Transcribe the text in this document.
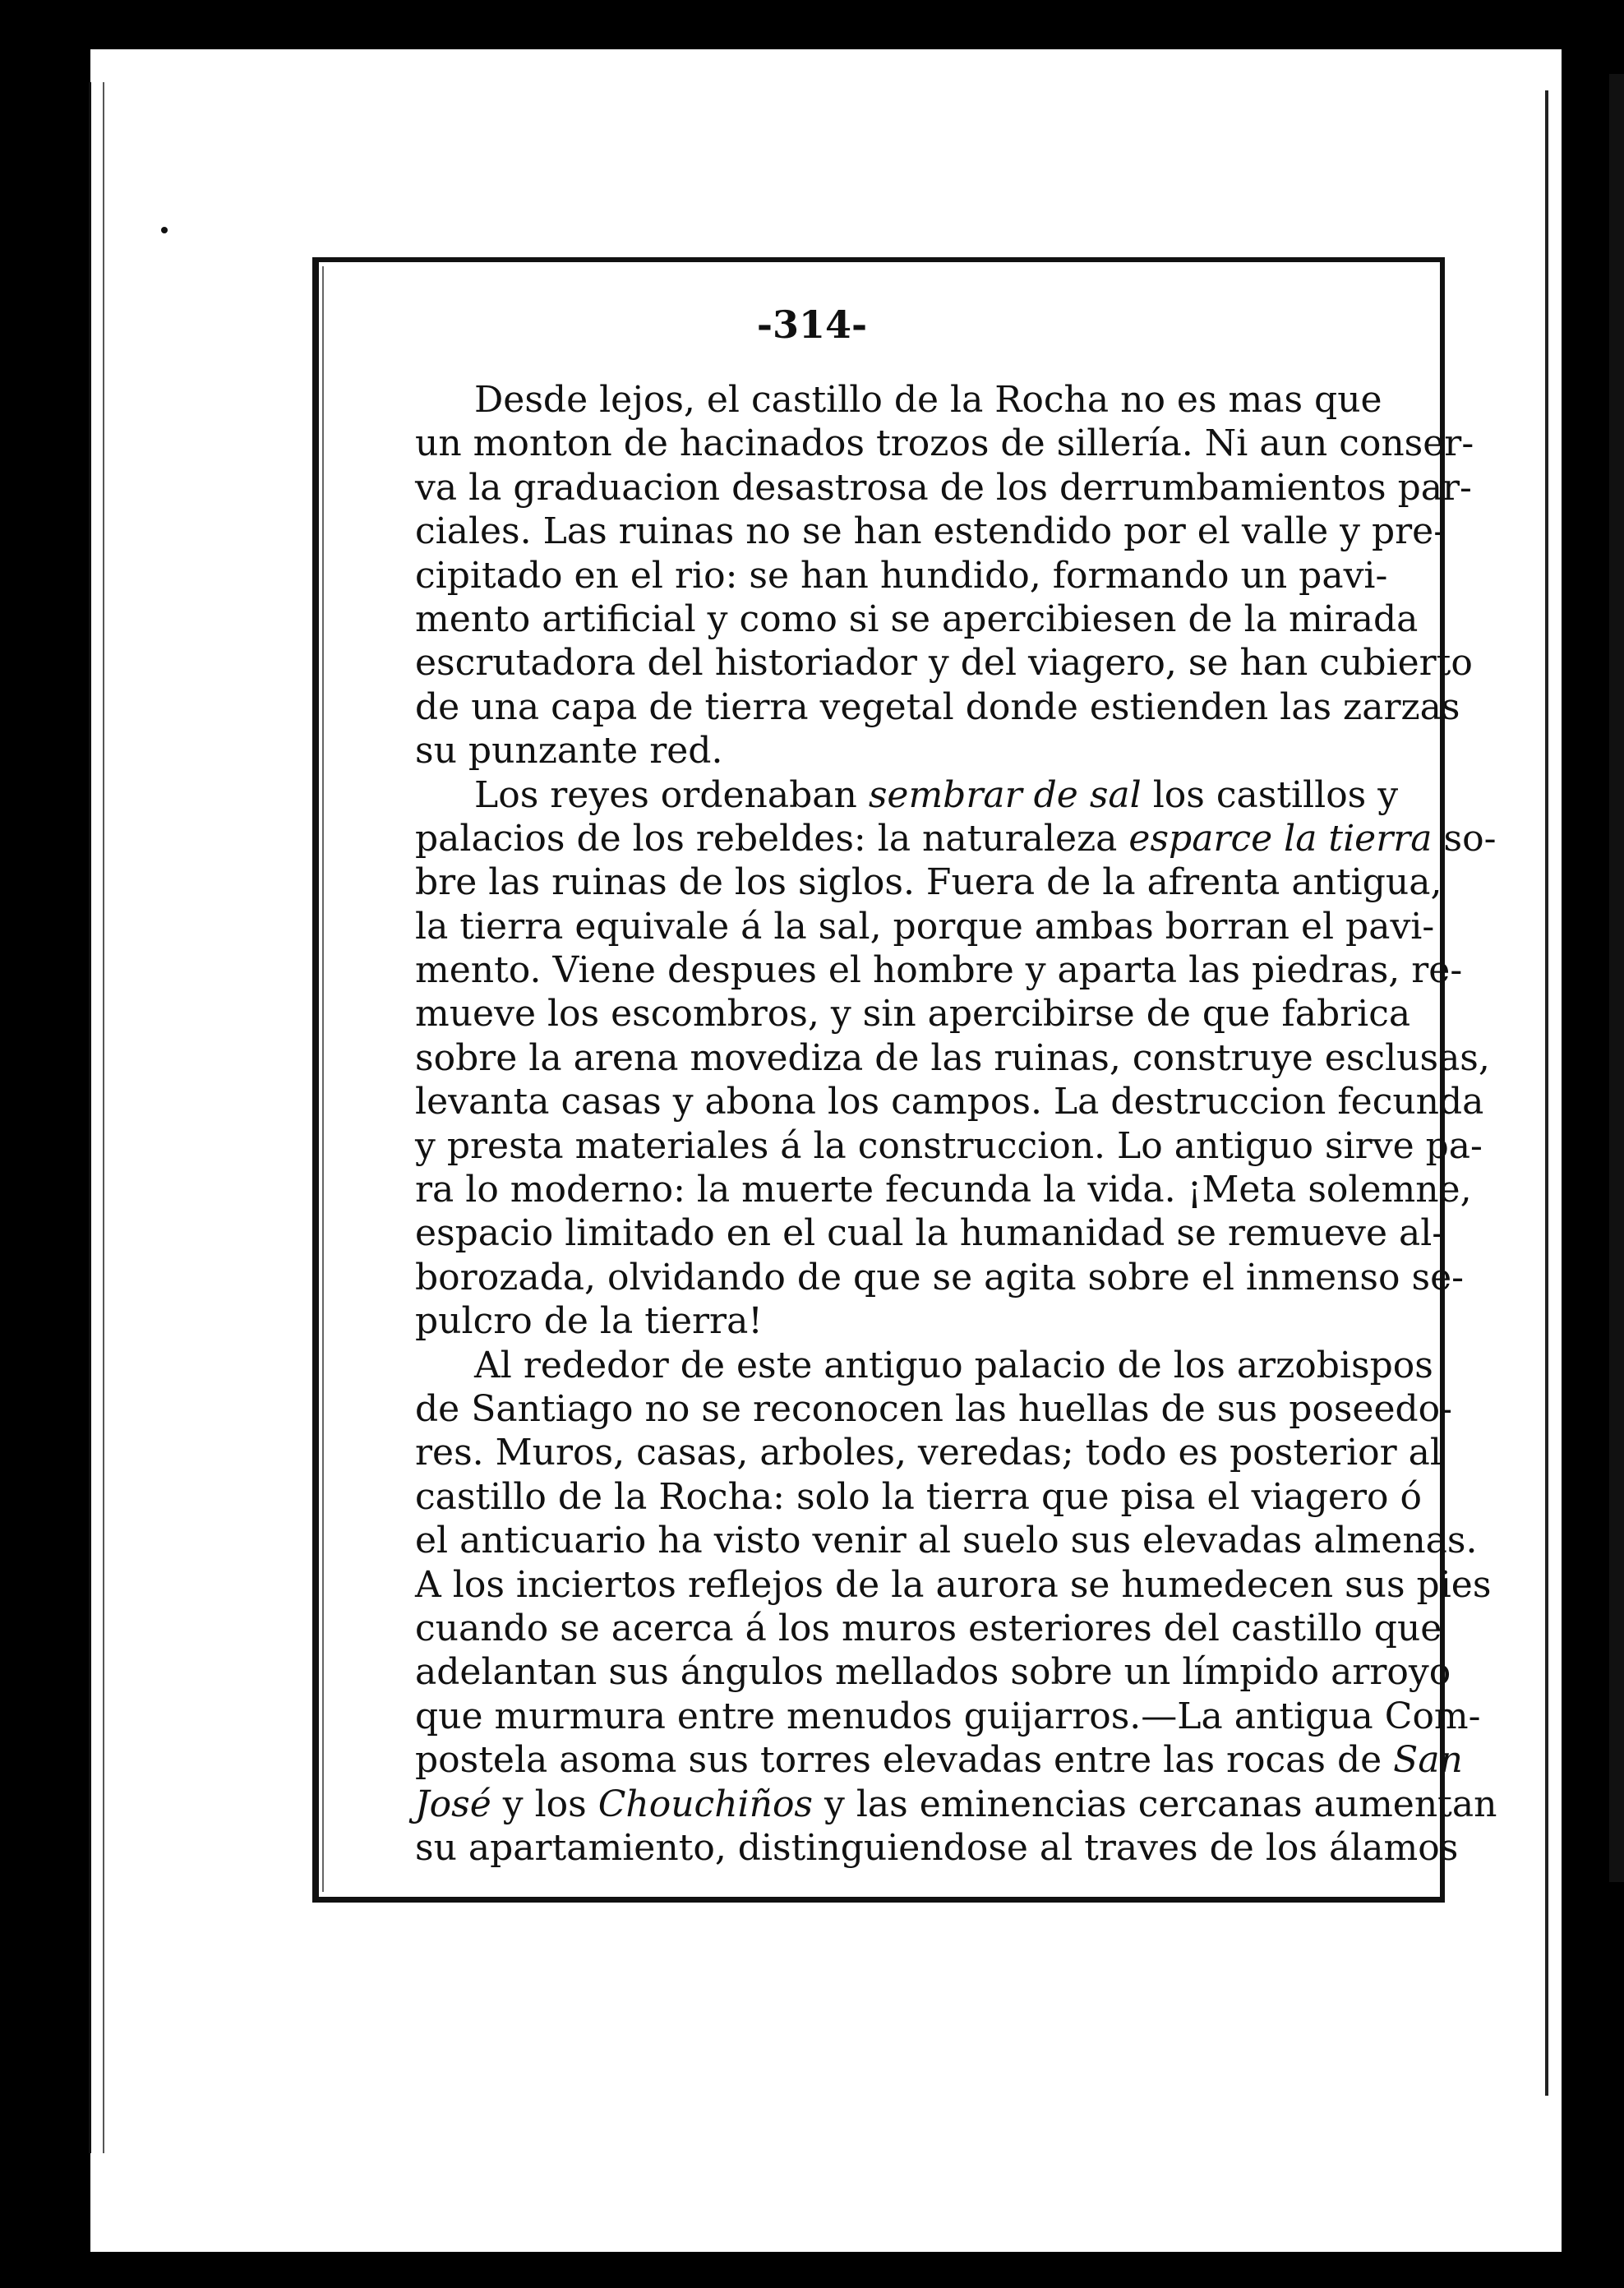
-314-
Desde lejos, el castillo de la Rocha no es mas que
un monton de hacinados trozos de sillería. Ni aun conser-
va la graduacion desastrosa de los derrumbamientos par-
ciales. Las ruinas no se han estendido por el valle y pre-
cipitado en el rio: se han hundido, formando un pavi-
mento artificial y como si se apercibiesen de la mirada
escrutadora del historiador y del viagero, se han cubierto
de una capa de tierra vegetal donde estienden las zarzas
su punzante red.
Los reyes ordenaban sembrar de sal los castillos y
palacios de los rebeldes: la naturaleza esparce la tierra so-
bre las ruinas de los siglos. Fuera de la afrenta antigua,
la tierra equivale á la sal, porque ambas borran el pavi-
mento. Viene despues el hombre y aparta las piedras, re-
mueve los escombros, y sin apercibirse de que fabrica
sobre la arena movediza de las ruinas, construye esclusas,
levanta casas y abona los campos. La destruccion fecunda
y presta materiales á la construccion. Lo antiguo sirve pa-
ra lo moderno: la muerte fecunda la vida. ¡Meta solemne,
espacio limitado en el cual la humanidad se remueve al-
borozada, olvidando de que se agita sobre el inmenso se-
pulcro de la tierra!
Al rededor de este antiguo palacio de los arzobispos
de Santiago no se reconocen las huellas de sus poseedo-
res. Muros, casas, arboles, veredas; todo es posterior al
castillo de la Rocha: solo la tierra que pisa el viagero ó
el anticuario ha visto venir al suelo sus elevadas almenas.
A los inciertos reflejos de la aurora se humedecen sus pies
cuando se acerca á los muros esteriores del castillo que
adelantan sus ángulos mellados sobre un límpido arroyo
que murmura entre menudos guijarros.—La antigua Com-
postela asoma sus torres elevadas entre las rocas de San
José y los Chouchiños y las eminencias cercanas aumentan
su apartamiento, distinguiendose al traves de los álamos
